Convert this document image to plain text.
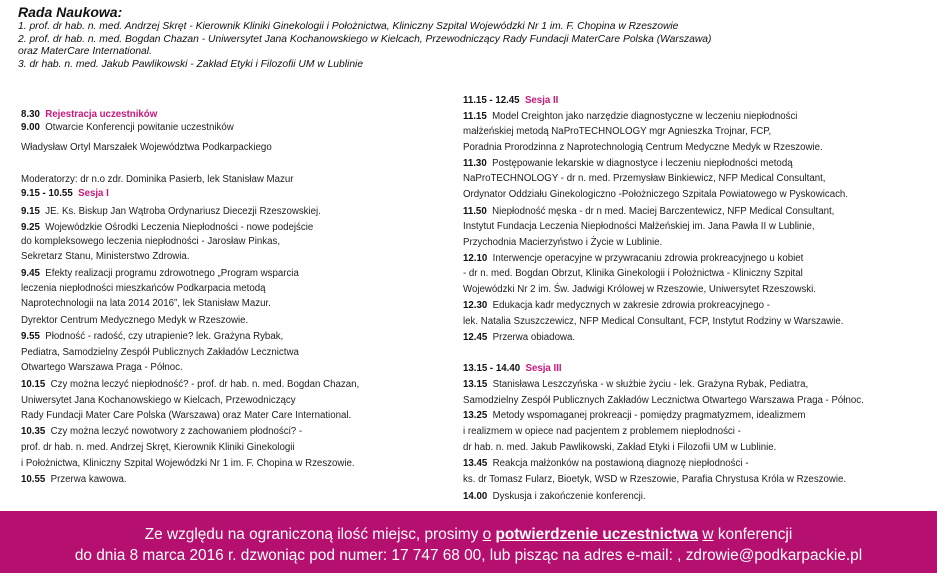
Rada Naukowa:
1. prof. dr hab. n. med. Andrzej Skręt - Kierownik Kliniki Ginekologii i Położnictwa, Kliniczny Szpital Wojewódzki Nr 1 im. F. Chopina w Rzeszowie
2. prof. dr hab. n. med. Bogdan Chazan - Uniwersytet Jana Kochanowskiego w Kielcach, Przewodniczący Rady Fundacji MaterCare Polska (Warszawa)
oraz MaterCare International.
3. dr hab. n. med. Jakub Pawlikowski - Zakład Etyki i Filozofii UM w Lublinie
8.30 Rejestracja uczestników
9.00 Otwarcie Konferencji powitanie uczestników
Władysław Ortyl Marszałek Województwa Podkarpackiego
Moderatorzy: dr n.o zdr. Dominika Pasierb, lek Stanisław Mazur
9.15 - 10.55 Sesja I
9.15 JE. Ks. Biskup Jan Wątroba Ordynariusz Diecezji Rzeszowskiej.
9.25 Wojewódzkie Ośrodki Leczenia Niepłodności - nowe podejście
do kompleksowego leczenia niepłodności - Jarosław Pinkas,
Sekretarz Stanu, Ministerstwo Zdrowia.
9.45 Efekty realizacji programu zdrowotnego „Program wsparcia
leczenia niepłodności mieszkańców Podkarpacia metodą
Naprotechnologii na lata 2014 2016”, lek Stanisław Mazur.
Dyrektor Centrum Medycznego Medyk w Rzeszowie.
9.55 Płodność - radość, czy utrapienie? lek. Grażyna Rybak,
Pediatra, Samodzielny Zespół Publicznych Zakładów Lecznictwa
Otwartego Warszawa Praga - Północ.
10.15 Czy można leczyć niepłodność? - prof. dr hab. n. med. Bogdan Chazan,
Uniwersytet Jana Kochanowskiego w Kielcach, Przewodniczący
Rady Fundacji Mater Care Polska (Warszawa) oraz Mater Care International.
10.35 Czy można leczyć nowotwory z zachowaniem płodności? -
prof. dr hab. n. med. Andrzej Skręt, Kierownik Kliniki Ginekologii
i Położnictwa, Kliniczny Szpital Wojewódzki Nr 1 im. F. Chopina w Rzeszowie.
10.55 Przerwa kawowa.
11.15 - 12.45 Sesja II
11.15 Model Creighton jako narzędzie diagnostyczne w leczeniu niepłodności
małżeńskiej metodą NaProTECHNOLOGY mgr Agnieszka Trojnar, FCP,
Poradnia Prorodzinna z Naprotechnologią Centrum Medyczne Medyk w Rzeszowie.
11.30 Postępowanie lekarskie w diagnostyce i leczeniu niepłodności metodą
NaProTECHNOLOGY - dr n. med. Przemysław Binkiewicz, NFP Medical Consultant,
Ordynator Oddziału Ginekologiczno -Położniczego Szpitala Powiatowego w Pyskowicach.
11.50 Niepłodność męska - dr n med. Maciej Barczentewicz, NFP Medical Consultant,
Instytut Fundacja Leczenia Niepłodności Małżeńskiej im. Jana Pawła II w Lublinie,
Przychodnia Macierzyństwo i Życie w Lublinie.
12.10 Interwencje operacyjne w przywracaniu zdrowia prokreacyjnego u kobiet
- dr n. med. Bogdan Obrzut, Klinika Ginekologii i Położnictwa - Kliniczny Szpital
Wojewódzki Nr 2 im. Św. Jadwigi Królowej w Rzeszowie, Uniwersytet Rzeszowski.
12.30 Edukacja kadr medycznych w zakresie zdrowia prokreacyjnego -
lek. Natalia Szuszczewicz, NFP Medical Consultant, FCP, Instytut Rodziny w Warszawie.
12.45 Przerwa obiadowa.
13.15 - 14.40 Sesja III
13.15 Stanisława Leszczyńska - w służbie życiu - lek. Grażyna Rybak, Pediatra,
Samodzielny Zespół Publicznych Zakładów Lecznictwa Otwartego Warszawa Praga - Północ.
13.25 Metody wspomaganej prokreacji - pomiędzy pragmatyzmem, idealizmem
i realizmem w opiece nad pacjentem z problemem niepłodności -
dr hab. n. med. Jakub Pawlikowski, Zakład Etyki i Filozofii UM w Lublinie.
13.45 Reakcja małżonków na postawioną diagnozę niepłodności -
ks. dr Tomasz Fularz, Bioetyk, WSD w Rzeszowie, Parafia Chrystusa Króla w Rzeszowie.
14.00 Dyskusja i zakończenie konferencji.
Ze względu na ograniczoną ilość miejsc, prosimy o potwierdzenie uczestnictwa w konferencji
do dnia 8 marca 2016 r. dzwoniąc pod numer: 17 747 68 00, lub pisząc na adres e-mail: , zdrowie@podkarpackie.pl
